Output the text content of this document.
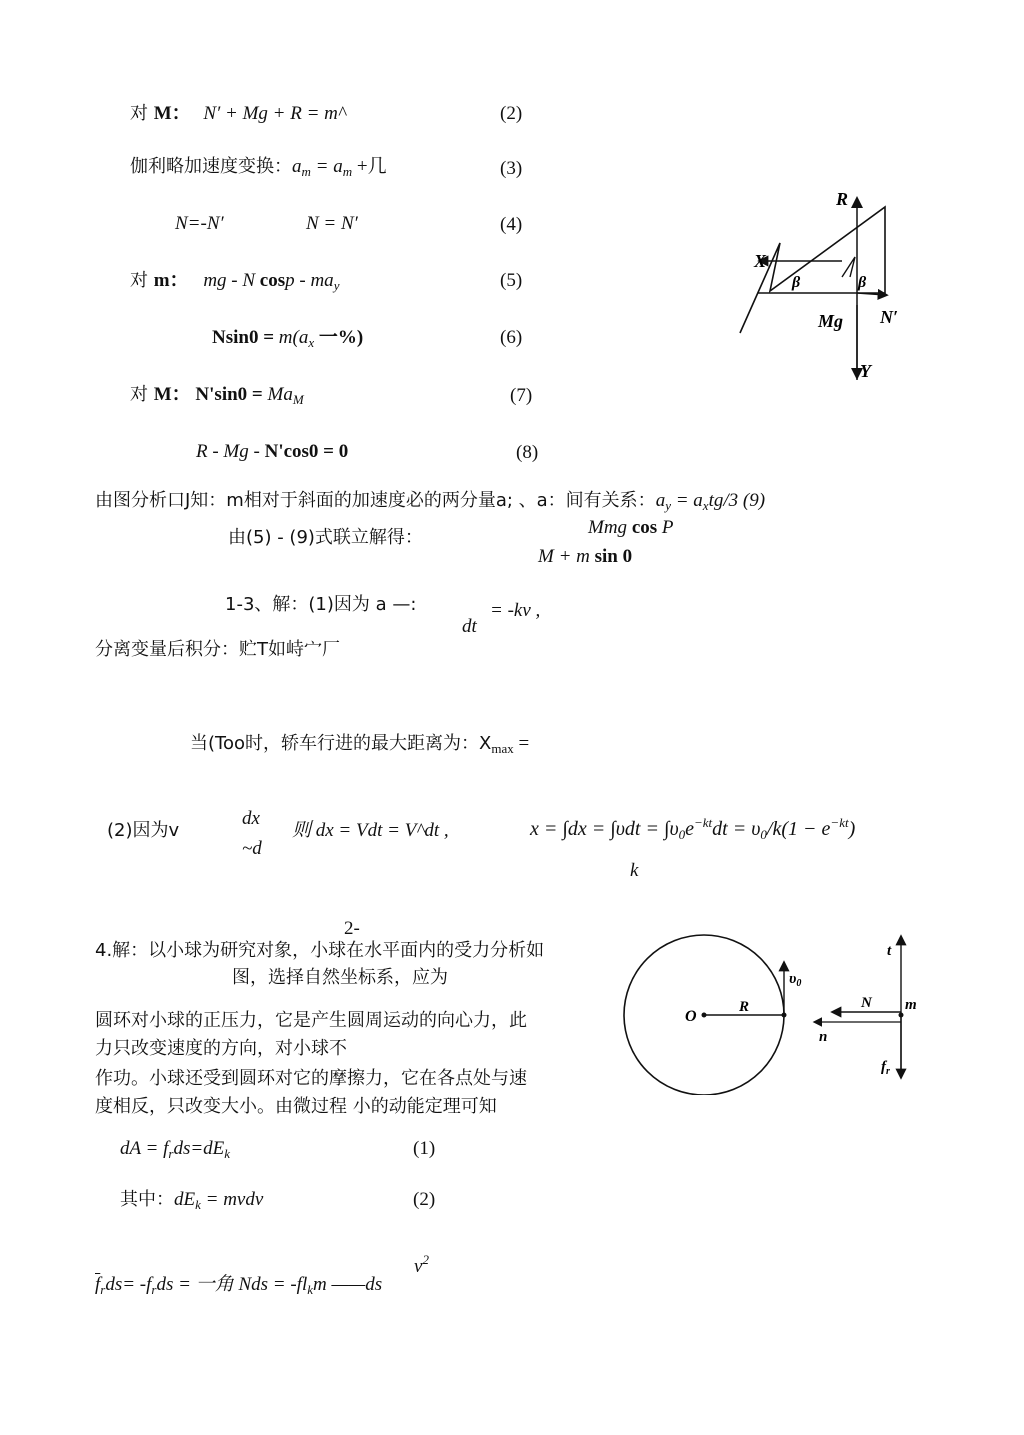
对 M： N′ + Mg + R = m^	(2)
伽利略加速度变换：$a_m = a_m$ +几	(3)
N=-N′	N = N′	(4)
对 m： mg - N cosp - $ma_y$	(5)
$Nsin0 = m(a_x$ 一%)	(6)
对 M： $N'\sin 0 = Ma_M$	(7)
R - Mg - N'cos0 = 0	(8)
R
X
β	β
Mg N′
Y
由图分析口J知：m相对于斜面的加速度必的两分量a; 、a：间有关系：$a_y = a_xtg/3$ (9)
由(5) - (9)式联立解得：	Mmg cos P
M + m sin 0
1-3、解：(1)因为 a —:
dt
= -kv ,
分离变量后积分：贮T如峙宀厂
当(Too时，轿车行进的最大距离为：$X_{max}$ =
(2)因为v
dx
~d
则 dx = Vdt = V^dt ,	$x = \int dx = \int\upsilon dt = \int\upsilon_0e^{-kt}dt = \upsilon_0/k(1 - e^{-kt})$
k
2-
4.解：以小球为研究对象，小球在水平面内的受力分析如
图，选择自然坐标系，应为
圆环对小球的正压力，它是产生圆周运动的向心力，此
力只改变速度的方向，对小球不
作功。小球还受到圆环对它的摩擦力，它在各点处与速
度相反，只改变大小。由微过程 小的动能定理可知
O
R
$\upsilon_0$
t
N m
n
$f_r$
dA = $f_rds=dE_k$	(1)
其中：$dE_k$ = mvdv	(2)
$v^2$
$\overline{f}_rds= -f_rds$ = 一角 Nds = $-fl_km$ ——ds
